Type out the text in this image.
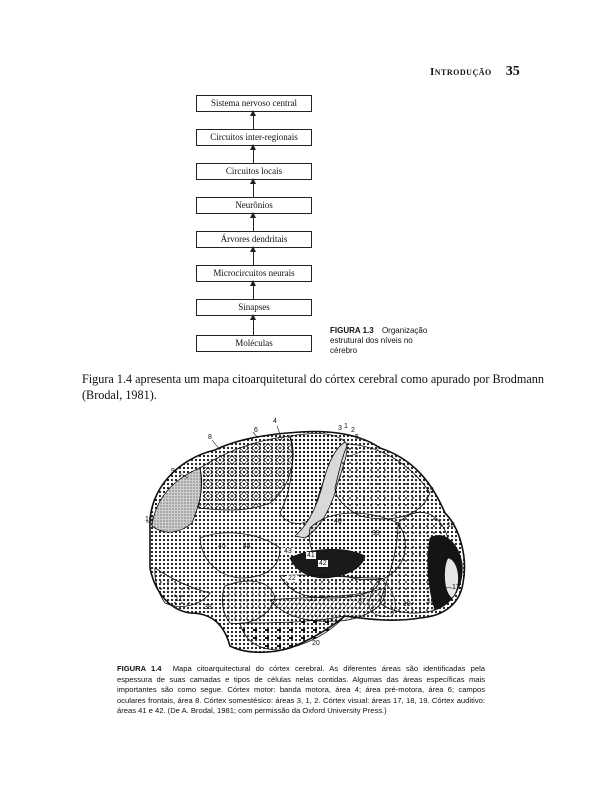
Introdução 35
Sistema nervoso central
Circuitos inter-regionais
Circuitos locais
Neurônios
Árvores dendritais
Microcircuitos neurais
Sinapses
Moléculas
FIGURA 1.3 Organização estrutural dos níveis no cérebro

Figura 1.4 apresenta um mapa citoarquitetural do córtex cerebral como apurado por Brodmann (Brodal, 1981).

4
3 1
2
5
6
7
8
9
10
11
19
18
17
18
19
37
20
38
21
22
40
39
43
41
42
44
45
FIGURA 1.4 Mapa citoarquitectural do córtex cerebral. As diferentes áreas são identificadas pela espessura de suas camadas e tipos de células nelas contidas. Algumas das áreas específicas mais importantes são como segue. Córtex motor: banda motora, área 4; área pré-motora, área 6; campos oculares frontais, área 8. Córtex somestésico: áreas 3, 1, 2. Córtex visual: áreas 17, 18, 19. Córtex auditivo: áreas 41 e 42. (De A. Brodal, 1981; com permissão da Oxford University Press.)
